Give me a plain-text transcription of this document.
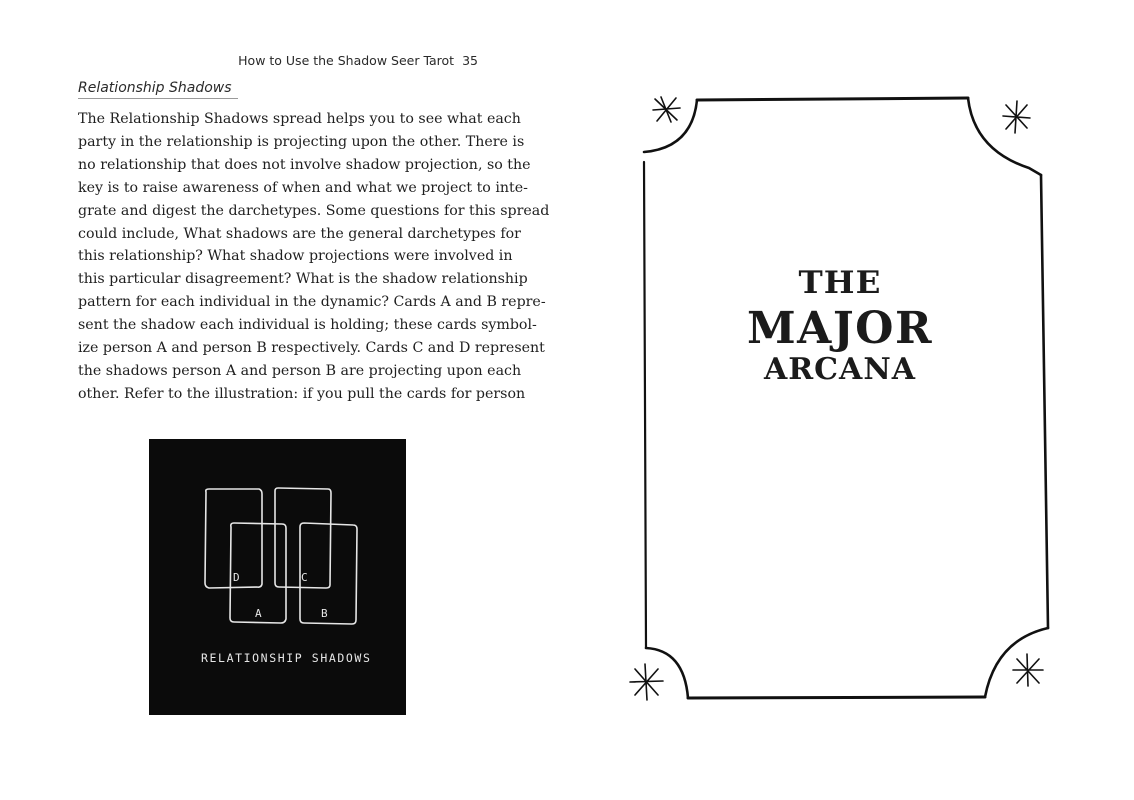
How to Use the Shadow Seer Tarot 35
Relationship Shadows
The Relationship Shadows spread helps you to see what each
party in the relationship is projecting upon the other. There is
no relationship that does not involve shadow projection, so the
key is to raise awareness of when and what we project to inte-
grate and digest the darchetypes. Some questions for this spread
could include, What shadows are the general darchetypes for
this relationship? What shadow projections were involved in
this particular disagreement? What is the shadow relationship
pattern for each individual in the dynamic? Cards A and B repre-
sent the shadow each individual is holding; these cards symbol-
ize person A and person B respectively. Cards C and D represent
the shadows person A and person B are projecting upon each
other. Refer to the illustration: if you pull the cards for person
D	C
A	B
RELATIONSHIP SHADOWS
THE
MAJOR
ARCANA
